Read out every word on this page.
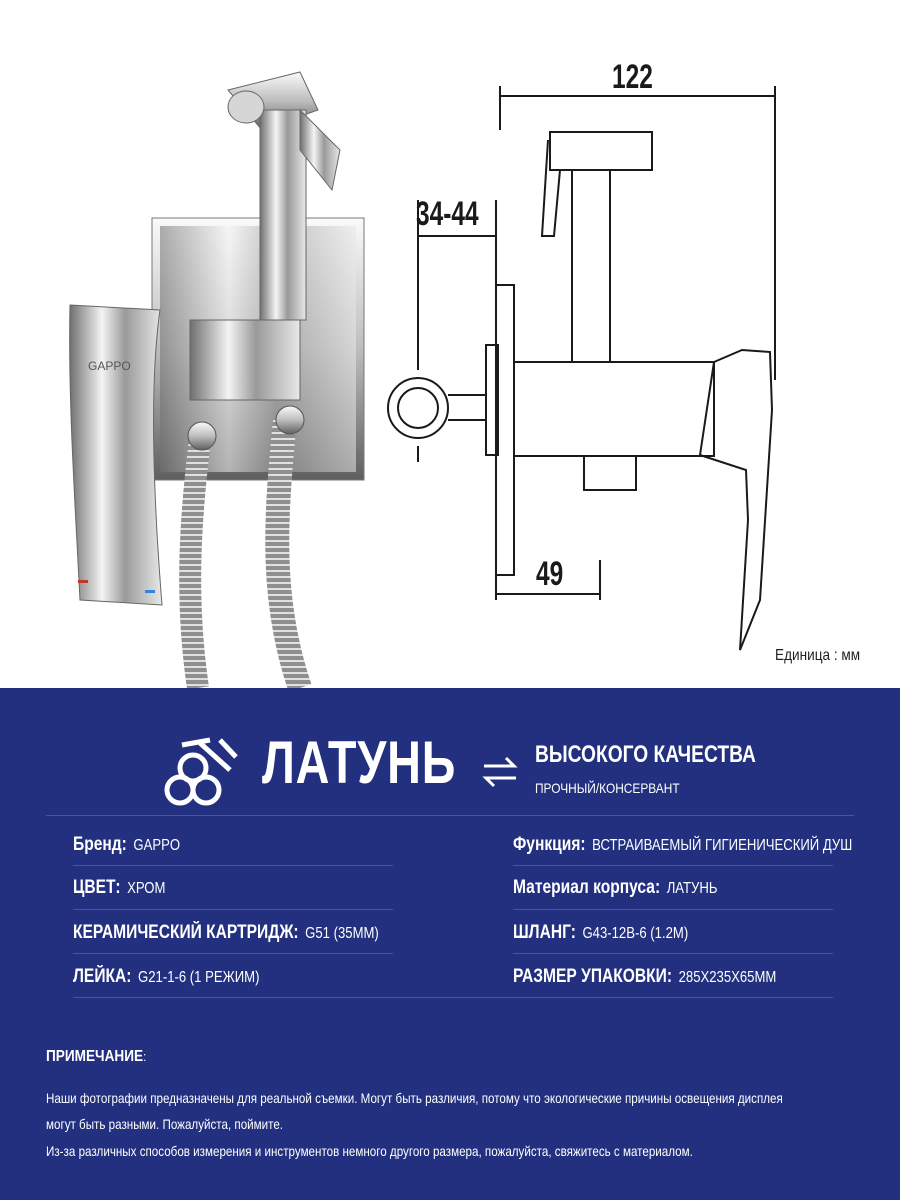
GAPPO
122
34-44
49
Единица : мм
ЛАТУНЬ	ВЫСОКОГО КАЧЕСТВА
ПРОЧНЫЙ/КОНСЕРВАНТ
Бренд: GAPPO
ЦВЕТ: ХРОМ
КЕРАМИЧЕСКИЙ КАРТРИДЖ: G51 (35ММ)
ЛЕЙКА: G21-1-6 (1 РЕЖИМ)
Функция: ВСТРАИВАЕМЫЙ ГИГИЕНИЧЕСКИЙ ДУШ
Материал корпуса: ЛАТУНЬ
ШЛАНГ: G43-12B-6 (1.2М)
РАЗМЕР УПАКОВКИ: 285X235X65MM
ПРИМЕЧАНИЕ:
Наши фотографии предназначены для реальной съемки. Могут быть различия, потому что экологические причины освещения дисплея
могут быть разными. Пожалуйста, поймите.
Из-за различных способов измерения и инструментов немного другого размера, пожалуйста, свяжитесь с материалом.
